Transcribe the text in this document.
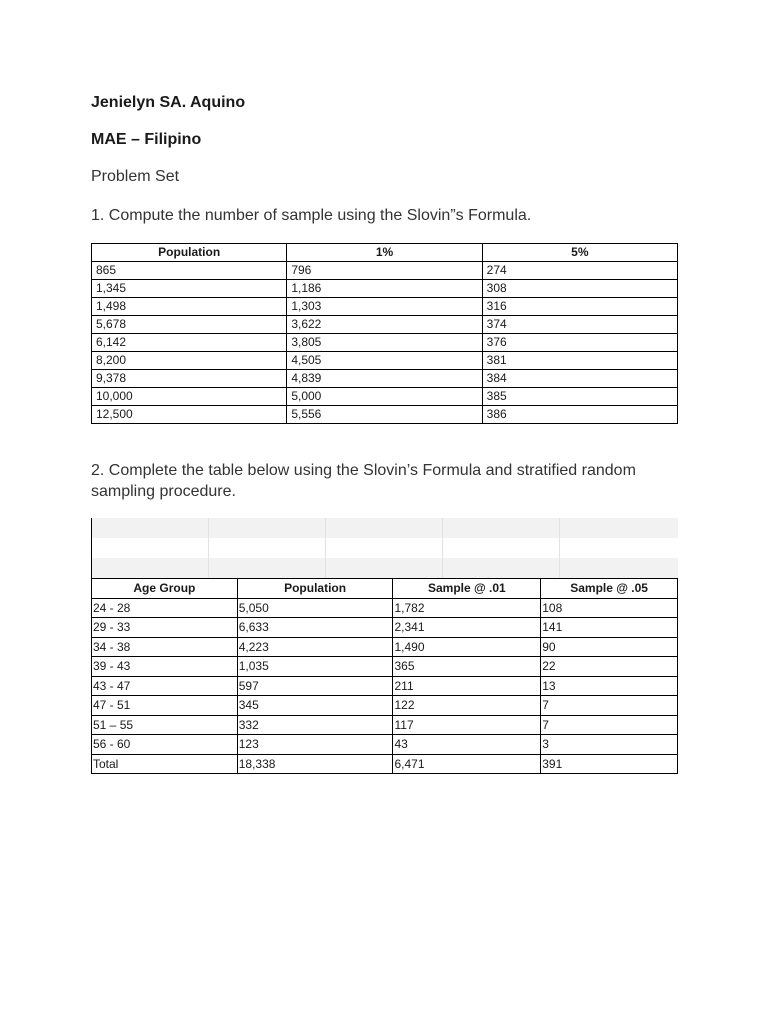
Jenielyn SA. Aquino
MAE – Filipino
Problem Set
1. Compute the number of sample using the Slovin”s Formula.
Population	1%	5%
865	796	274
1,345	1,186	308
1,498	1,303	316
5,678	3,622	374
6,142	3,805	376
8,200	4,505	381
9,378	4,839	384
10,000	5,000	385
12,500	5,556	386
2. Complete the table below using the Slovin’s Formula and stratified random
sampling procedure.
Age Group	Population	Sample @ .01	Sample @ .05
24 - 28	5,050	1,782	108
29 - 33	6,633	2,341	141
34 - 38	4,223	1,490	90
39 - 43	1,035	365	22
43 - 47	597	211	13
47 - 51	345	122	7
51 – 55	332	117	7
56 - 60	123	43	3
Total	18,338	6,471	391
